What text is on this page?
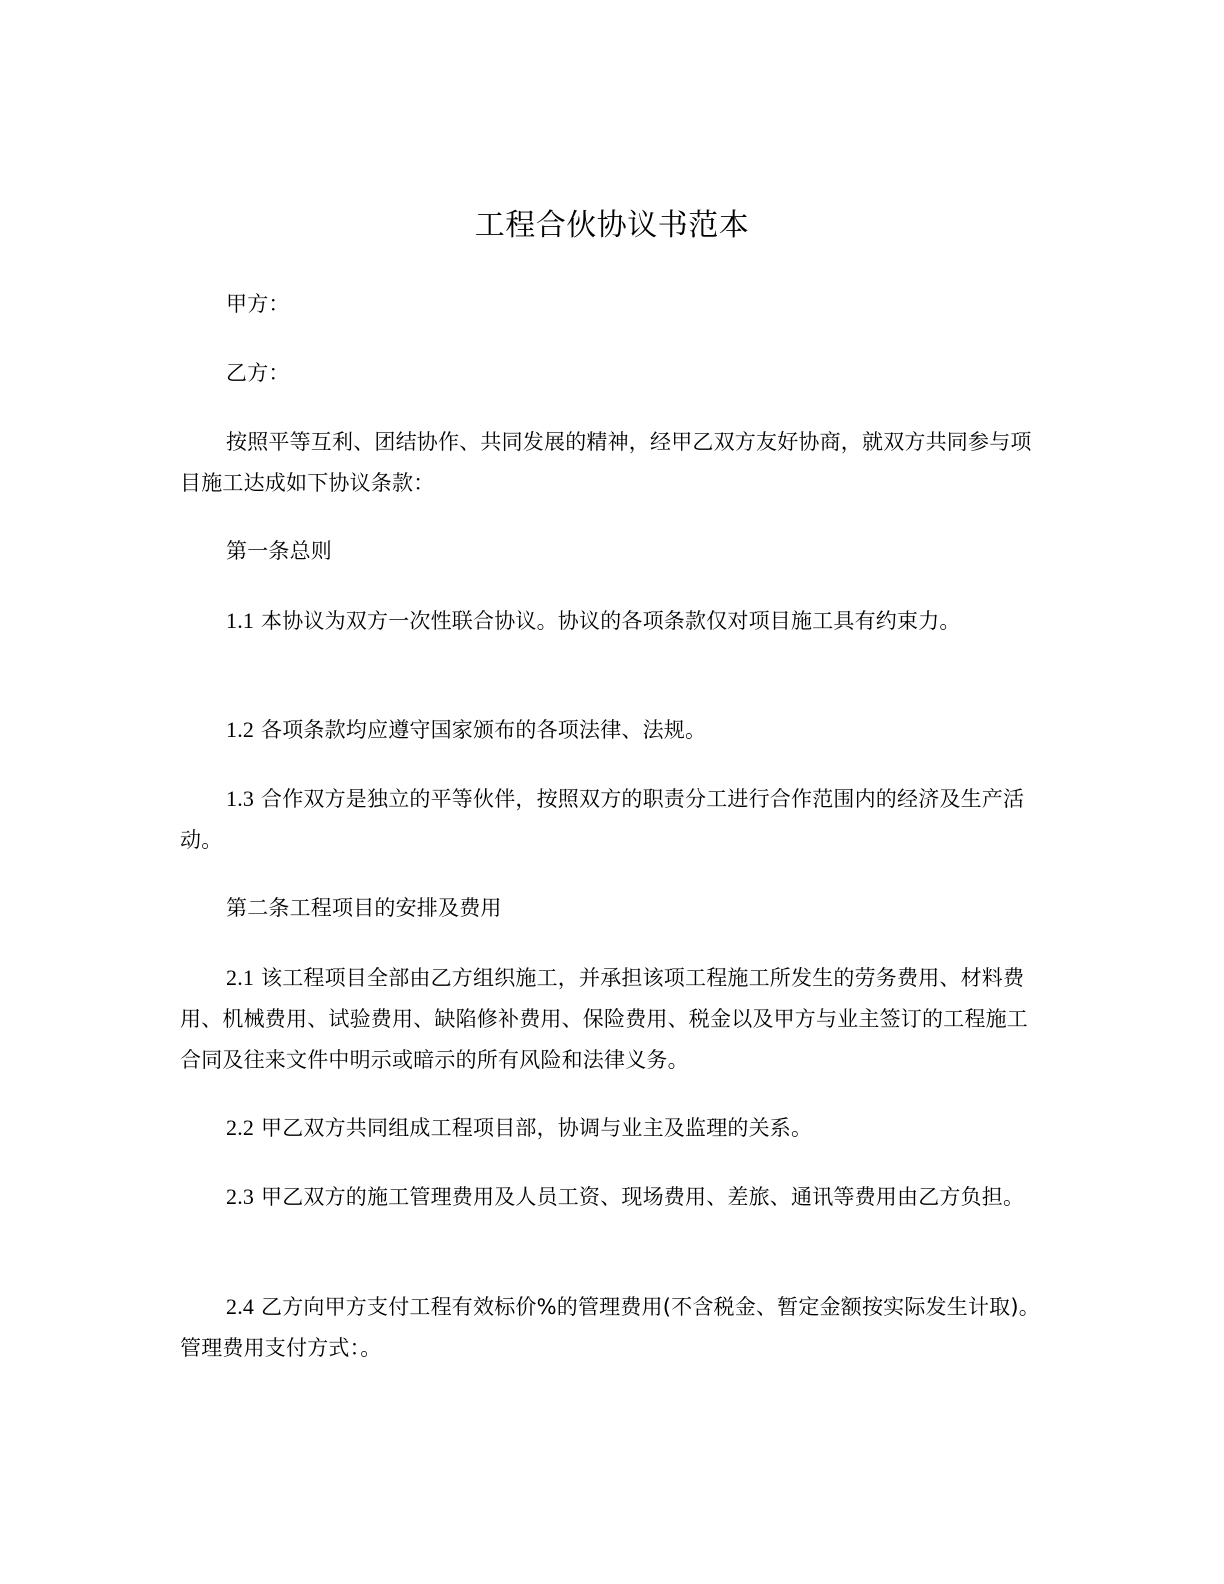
工程合伙协议书范本
甲方：
乙方：
按照平等互利、团结协作、共同发展的精神，经甲乙双方友好协商，就双方共同参与项目施工达成如下协议条款：
第一条总则
1.1 本协议为双方一次性联合协议。协议的各项条款仅对项目施工具有约束力。
1.2 各项条款均应遵守国家颁布的各项法律、法规。
1.3 合作双方是独立的平等伙伴，按照双方的职责分工进行合作范围内的经济及生产活动。
第二条工程项目的安排及费用
2.1 该工程项目全部由乙方组织施工，并承担该项工程施工所发生的劳务费用、材料费用、机械费用、试验费用、缺陷修补费用、保险费用、税金以及甲方与业主签订的工程施工合同及往来文件中明示或暗示的所有风险和法律义务。
2.2 甲乙双方共同组成工程项目部，协调与业主及监理的关系。
2.3 甲乙双方的施工管理费用及人员工资、现场费用、差旅、通讯等费用由乙方负担。
2.4 乙方向甲方支付工程有效标价%的管理费用(不含税金、暂定金额按实际发生计取)。管理费用支付方式：。
